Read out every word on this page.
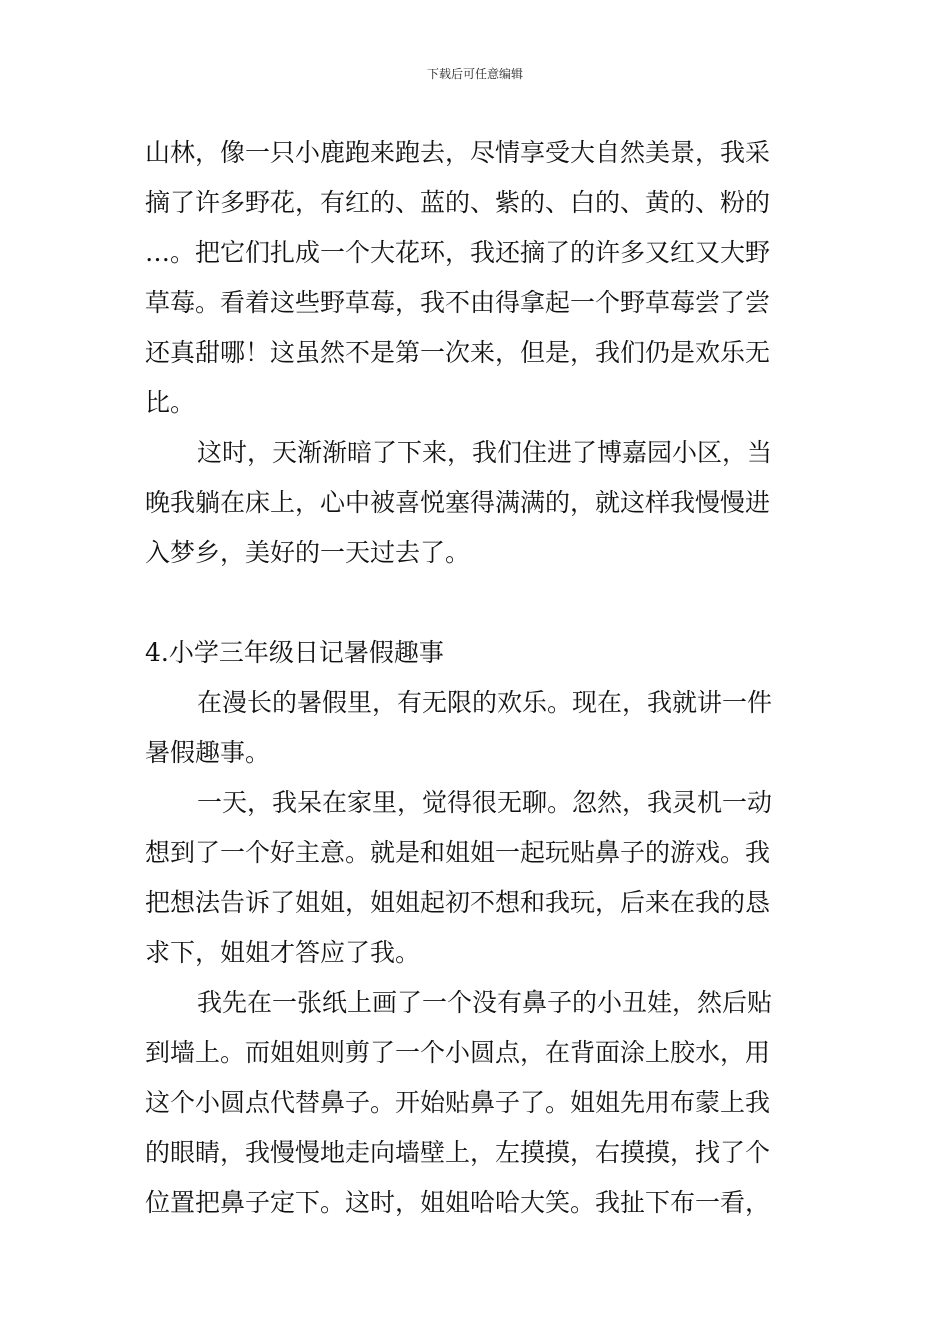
下载后可任意编辑
山林，像一只小鹿跑来跑去，尽情享受大自然美景，我采
摘了许多野花，有红的、蓝的、紫的、白的、黄的、粉的
…。把它们扎成一个大花环，我还摘了的许多又红又大野
草莓。看着这些野草莓，我不由得拿起一个野草莓尝了尝
还真甜哪！这虽然不是第一次来，但是，我们仍是欢乐无
比。
这时，天渐渐暗了下来，我们住进了博嘉园小区，当
晚我躺在床上，心中被喜悦塞得满满的，就这样我慢慢进
入梦乡，美好的一天过去了。
4.小学三年级日记暑假趣事
在漫长的暑假里，有无限的欢乐。现在，我就讲一件
暑假趣事。
一天，我呆在家里，觉得很无聊。忽然，我灵机一动
想到了一个好主意。就是和姐姐一起玩贴鼻子的游戏。我
把想法告诉了姐姐，姐姐起初不想和我玩，后来在我的恳
求下，姐姐才答应了我。
我先在一张纸上画了一个没有鼻子的小丑娃，然后贴
到墙上。而姐姐则剪了一个小圆点，在背面涂上胶水，用
这个小圆点代替鼻子。开始贴鼻子了。姐姐先用布蒙上我
的眼睛，我慢慢地走向墙壁上，左摸摸，右摸摸，找了个
位置把鼻子定下。这时，姐姐哈哈大笑。我扯下布一看，
